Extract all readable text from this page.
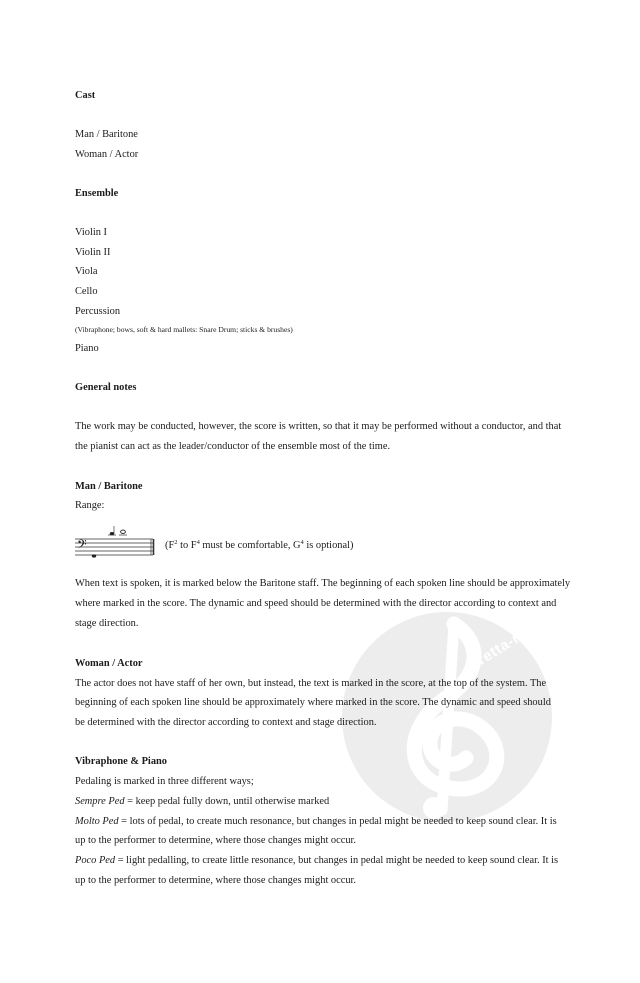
stretta-noten.de

Cast

Man / Baritone

Woman / Actor

Ensemble

Violin I

Violin II

Viola

Cello

Percussion

(Vibraphone; bows, soft & hard mallets: Snare Drum; sticks & brushes)

Piano

General notes

The work may be conducted, however, the score is written, so that it may be performed without a conductor, and that

the pianist can act as the leader/conductor of the ensemble most of the time.

Man / Baritone

Range:

𝄢	($F^2$ to $F^4$ must be comfortable, $G^4$ is optional)

When text is spoken, it is marked below the Baritone staff. The beginning of each spoken line should be approximately

where marked in the score. The dynamic and speed should be determined with the director according to context and

stage direction.

Woman / Actor

The actor does not have staff of her own, but instead, the text is marked in the score, at the top of the system. The

beginning of each spoken line should be approximately where marked in the score. The dynamic and speed should

be determined with the director according to context and stage direction.

Vibraphone & Piano

Pedaling is marked in three different ways;

Sempre Ped = keep pedal fully down, until otherwise marked

Molto Ped = lots of pedal, to create much resonance, but changes in pedal might be needed to keep sound clear. It is

up to the performer to determine, where those changes might occur.

Poco Ped = light pedalling, to create little resonance, but changes in pedal might be needed to keep sound clear. It is

up to the performer to determine, where those changes might occur.
